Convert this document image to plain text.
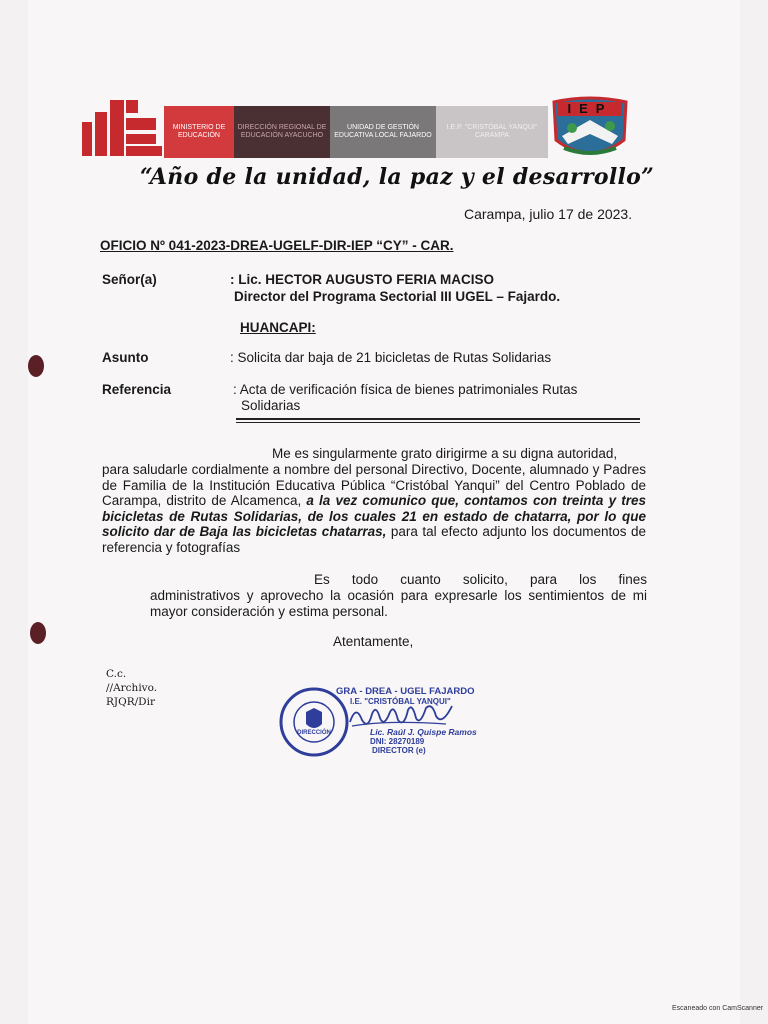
MINISTERIO DE EDUCACIÓN
DIRECCIÓN REGIONAL DE EDUCACIÓN AYACUCHO
UNIDAD DE GESTIÓN EDUCATIVA LOCAL FAJARDO
I.E.P. "CRISTÓBAL YANQUI" CARAMPA
IEP
“Año de la unidad, la paz y el desarrollo”
Carampa, julio 17 de 2023.
OFICIO Nº 041-2023-DREA-UGELF-DIR-IEP “CY” - CAR.
Señor(a)	: Lic. HECTOR AUGUSTO FERIA MACISO
Director del Programa Sectorial III UGEL – Fajardo.
HUANCAPI:
Asunto	: Solicita dar baja de 21 bicicletas de Rutas Solidarias
Referencia	: Acta de verificación física de bienes patrimoniales Rutas
Solidarias
Me es singularmente grato dirigirme a su digna autoridad,
para saludarle cordialmente a nombre del personal Directivo, Docente, alumnado y Padres de Familia de la Institución Educativa Pública “Cristóbal Yanqui” del Centro Poblado de Carampa, distrito de Alcamenca, a la vez comunico que, contamos con treinta y tres bicicletas de Rutas Solidarias, de los cuales 21 en estado de chatarra, por lo que solicito dar de Baja las bicicletas chatarras, para tal efecto adjunto los documentos de referencia y fotografías
Es todo cuanto solicito, para los fines
administrativos y aprovecho la ocasión para expresarle los sentimientos de mi mayor consideración y estima personal.
Atentamente,
C.c.
//Archivo.
RJQR/Dir
DIRECCIÓN
GRA - DREA - UGEL FAJARDO
I.E. "CRISTÓBAL YANQUI"
Lic. Raúl J. Quispe Ramos
DNI: 28270189
DIRECTOR (e)
Escaneado con CamScanner
